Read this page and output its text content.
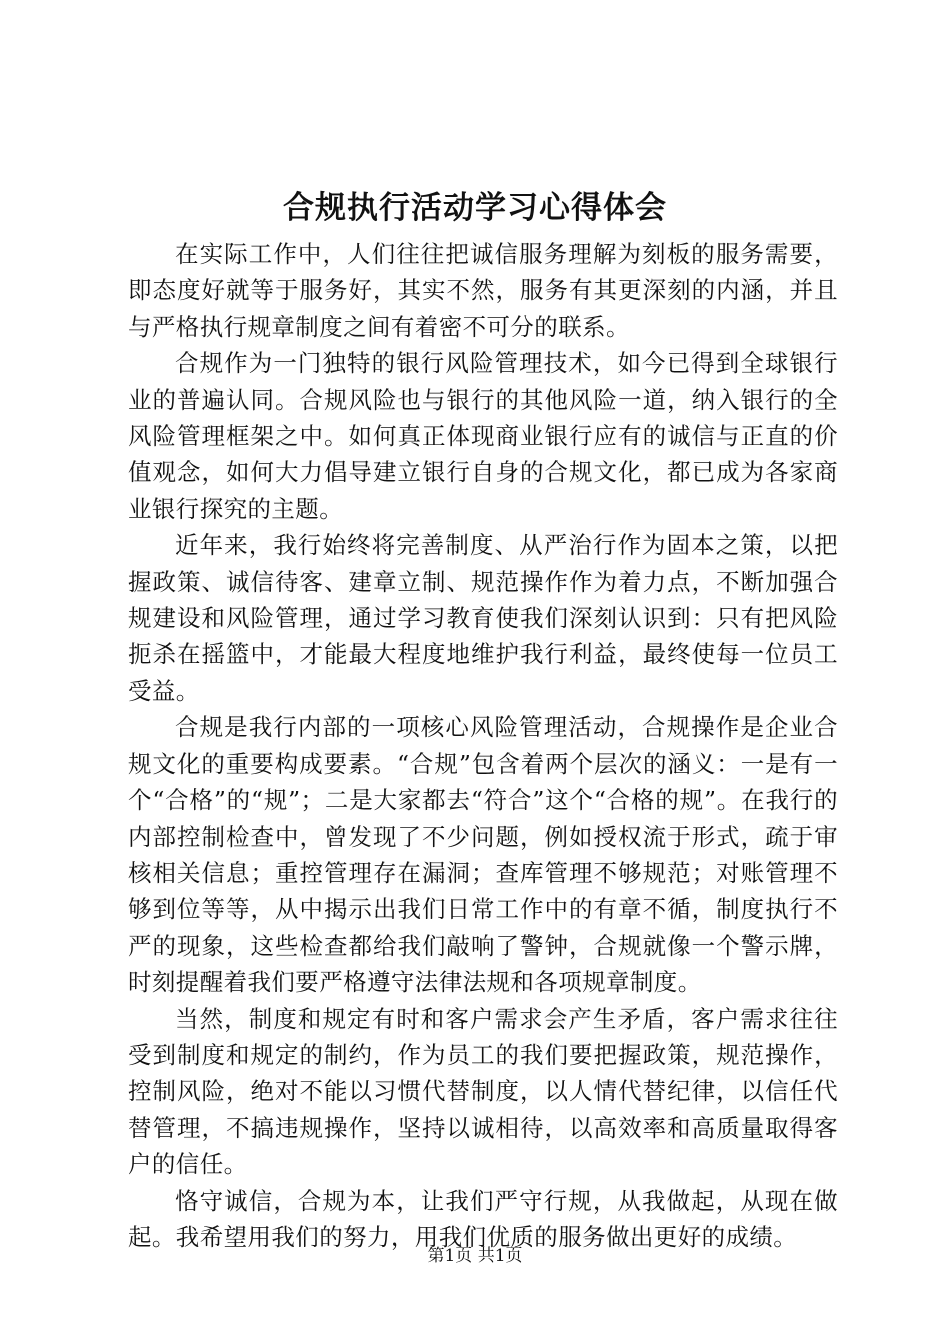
合规执行活动学习心得体会

在实际工作中，人们往往把诚信服务理解为刻板的服务需要，即态度好就等于服务好，其实不然，服务有其更深刻的内涵，并且与严格执行规章制度之间有着密不可分的联系。

合规作为一门独特的银行风险管理技术，如今已得到全球银行业的普遍认同。合规风险也与银行的其他风险一道，纳入银行的全风险管理框架之中。如何真正体现商业银行应有的诚信与正直的价值观念，如何大力倡导建立银行自身的合规文化，都已成为各家商业银行探究的主题。

近年来，我行始终将完善制度、从严治行作为固本之策，以把握政策、诚信待客、建章立制、规范操作作为着力点，不断加强合规建设和风险管理，通过学习教育使我们深刻认识到：只有把风险扼杀在摇篮中，才能最大程度地维护我行利益，最终使每一位员工受益。

合规是我行内部的一项核心风险管理活动，合规操作是企业合规文化的重要构成要素。“合规”包含着两个层次的涵义：一是有一个“合格”的“规”；二是大家都去“符合”这个“合格的规”。在我行的内部控制检查中，曾发现了不少问题，例如授权流于形式，疏于审核相关信息；重控管理存在漏洞；查库管理不够规范；对账管理不够到位等等，从中揭示出我们日常工作中的有章不循，制度执行不严的现象，这些检查都给我们敲响了警钟，合规就像一个警示牌，时刻提醒着我们要严格遵守法律法规和各项规章制度。

当然，制度和规定有时和客户需求会产生矛盾，客户需求往往受到制度和规定的制约，作为员工的我们要把握政策，规范操作，控制风险，绝对不能以习惯代替制度，以人情代替纪律，以信任代替管理，不搞违规操作，坚持以诚相待，以高效率和高质量取得客户的信任。

恪守诚信，合规为本，让我们严守行规，从我做起，从现在做起。我希望用我们的努力，用我们优质的服务做出更好的成绩。

第1页 共1页
